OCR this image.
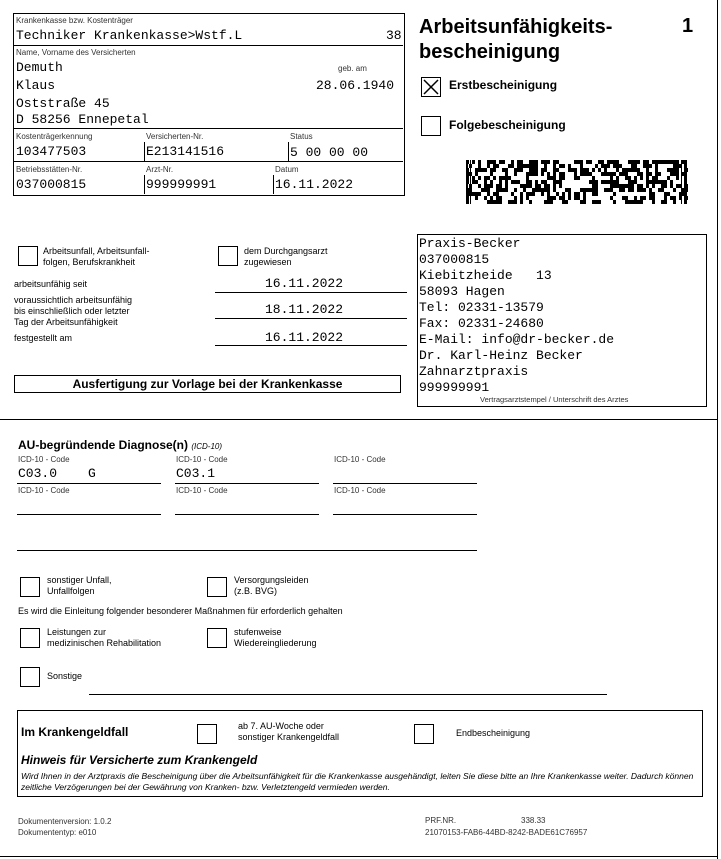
Krankenkasse bzw. Kostenträger
Techniker Krankenkasse>Wstf.L	38
Name, Vorname des Versicherten
geb. am
Demuth
Klaus	28.06.1940
Oststraße 45
D 58256 Ennepetal
Kostenträgerkennung	Versicherten-Nr.	Status
103477503	E213141516	5 00 00 00
Betriebsstätten-Nr.	Arzt-Nr.	Datum
037000815	999999991	16.11.2022
Arbeitsunfähigkeits-
bescheinigung
1
Erstbescheinigung
Folgebescheinigung
Arbeitsunfall, Arbeitsunfall-
folgen, Berufskrankheit
dem Durchgangsarzt
zugewiesen
arbeitsunfähig seit	16.11.2022
voraussichtlich arbeitsunfähig
bis einschließlich oder letzter
Tag der Arbeitsunfähigkeit
18.11.2022
festgestellt am	16.11.2022
Ausfertigung zur Vorlage bei der Krankenkasse
Praxis-Becker
037000815
Kiebitzheide   13
58093 Hagen
Tel: 02331-13579
Fax: 02331-24680
E-Mail: info@dr-becker.de
Dr. Karl-Heinz Becker
Zahnarztpraxis
999999991
Vertragsarztstempel / Unterschrift des Arztes
AU-begründende Diagnose(n) (ICD-10)
ICD-10 - Code	ICD-10 - Code	ICD-10 - Code
C03.0 G	C03.1
ICD-10 - Code	ICD-10 - Code	ICD-10 - Code
sonstiger Unfall,
Unfallfolgen
Versorgungsleiden
(z.B. BVG)
Es wird die Einleitung folgender besonderer Maßnahmen für erforderlich gehalten
Leistungen zur
medizinischen Rehabilitation
stufenweise
Wiedereingliederung
Sonstige
Im Krankengeldfall	ab 7. AU-Woche oder
sonstiger Krankengeldfall	Endbescheinigung
Hinweis für Versicherte zum Krankengeld
Wird Ihnen in der Arztpraxis die Bescheinigung über die Arbeitsunfähigkeit für die Krankenkasse ausgehändigt, leiten Sie diese bitte an Ihre Krankenkasse weiter. Dadurch können zeitliche Verzögerungen bei der Gewährung von Kranken- bzw. Verletztengeld vermieden werden.
Dokumentenversion: 1.0.2
Dokumententyp: e010
PRF.NR.	338.33
21070153-FAB6-44BD-8242-BADE61C76957
